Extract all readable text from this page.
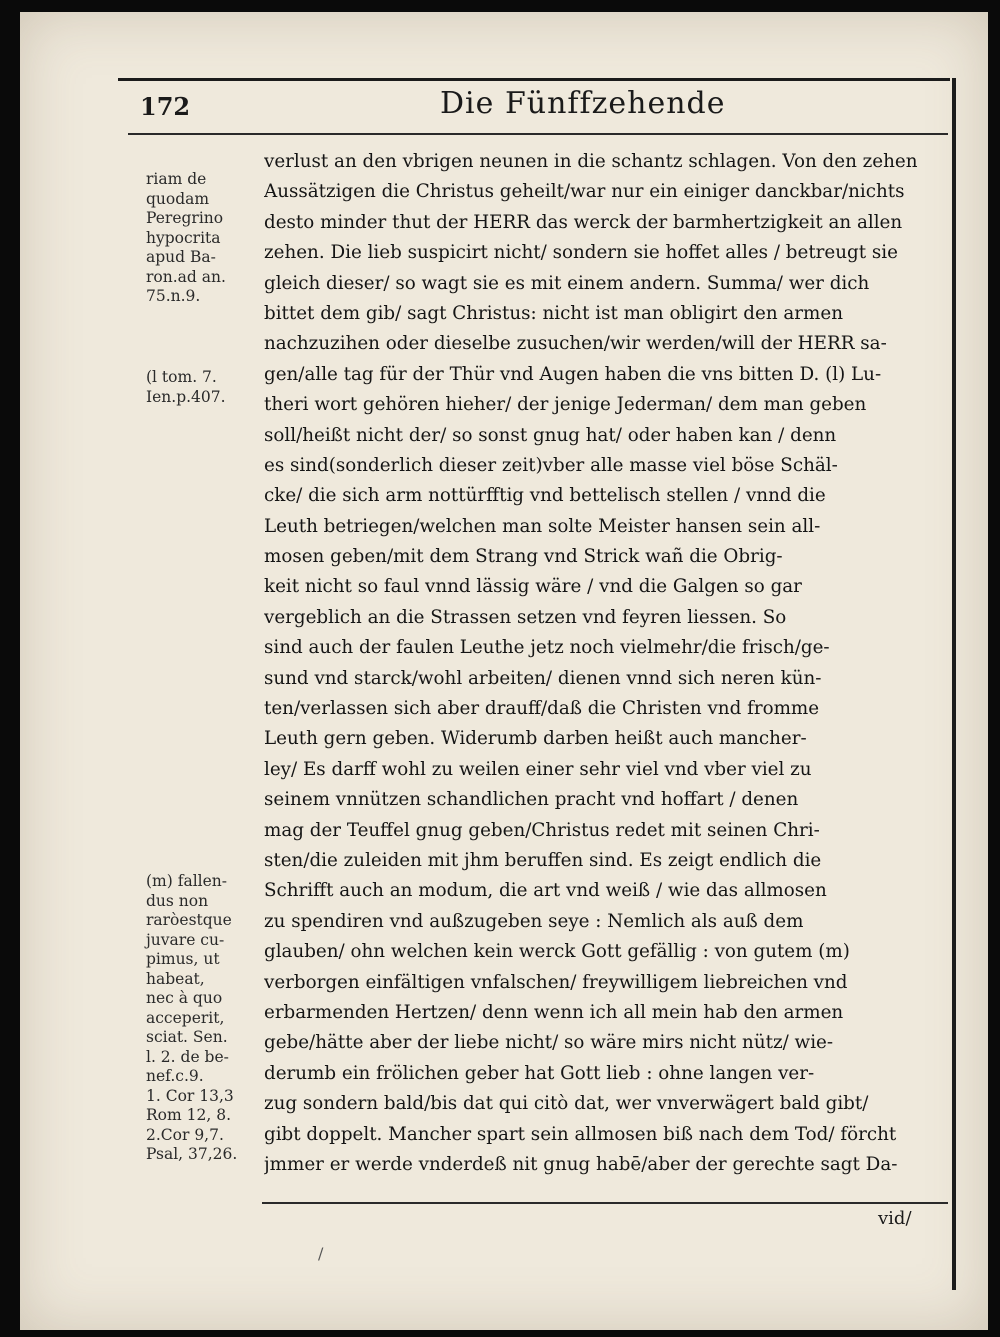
172	Die Fünffzehende
riam de
quodam
Peregrino
hypocrita
apud Ba-
ron.ad an.
75.n.9.
(l tom. 7.
Ien.p.407.
(m) fallen-
dus non
raròestque
juvare cu-
pimus, ut
habeat,
nec à quo
acceperit,
sciat. Sen.
l. 2. de be-
nef.c.9.
1. Cor 13,3
Rom 12, 8.
2.Cor 9,7.
Psal, 37,26.
verlust an den vbrigen neunen in die schantz schlagen. Von den zehen
Aussätzigen die Christus geheilt/war nur ein einiger danckbar/nichts
desto minder thut der HERR das werck der barmhertzigkeit an allen
zehen. Die lieb suspicirt nicht/ sondern sie hoffet alles / betreugt sie
gleich dieser/ so wagt sie es mit einem andern. Summa/ wer dich
bittet dem gib/ sagt Christus: nicht ist man obligirt den armen
nachzuzihen oder dieselbe zusuchen/wir werden/will der HERR sa-
gen/alle tag für der Thür vnd Augen haben die vns bitten D. (l) Lu-
theri wort gehören hieher/ der jenige Jederman/ dem man geben
soll/heißt nicht der/ so sonst gnug hat/ oder haben kan / denn
es sind(sonderlich dieser zeit)vber alle masse viel böse Schäl-
cke/ die sich arm nottürfftig vnd bettelisch stellen / vnnd die
Leuth betriegen/welchen man solte Meister hansen sein all-
mosen geben/mit dem Strang vnd Strick wañ die Obrig-
keit nicht so faul vnnd lässig wäre / vnd die Galgen so gar
vergeblich an die Strassen setzen vnd feyren liessen. So
sind auch der faulen Leuthe jetz noch vielmehr/die frisch/ge-
sund vnd starck/wohl arbeiten/ dienen vnnd sich neren kün-
ten/verlassen sich aber drauff/daß die Christen vnd fromme
Leuth gern geben. Widerumb darben heißt auch mancher-
ley/ Es darff wohl zu weilen einer sehr viel vnd vber viel zu
seinem vnnützen schandlichen pracht vnd hoffart / denen
mag der Teuffel gnug geben/Christus redet mit seinen Chri-
sten/die zuleiden mit jhm beruffen sind. Es zeigt endlich die
Schrifft auch an modum, die art vnd weiß / wie das allmosen
zu spendiren vnd außzugeben seye : Nemlich als auß dem
glauben/ ohn welchen kein werck Gott gefällig : von gutem (m)
verborgen einfältigen vnfalschen/ freywilligem liebreichen vnd
erbarmenden Hertzen/ denn wenn ich all mein hab den armen
gebe/hätte aber der liebe nicht/ so wäre mirs nicht nütz/ wie-
derumb ein frölichen geber hat Gott lieb : ohne langen ver-
zug sondern bald/bis dat qui citò dat, wer vnverwägert bald gibt/
gibt doppelt. Mancher spart sein allmosen biß nach dem Tod/ förcht
jmmer er werde vnderdeß nit gnug habē/aber der gerechte sagt Da-
vid/
/
